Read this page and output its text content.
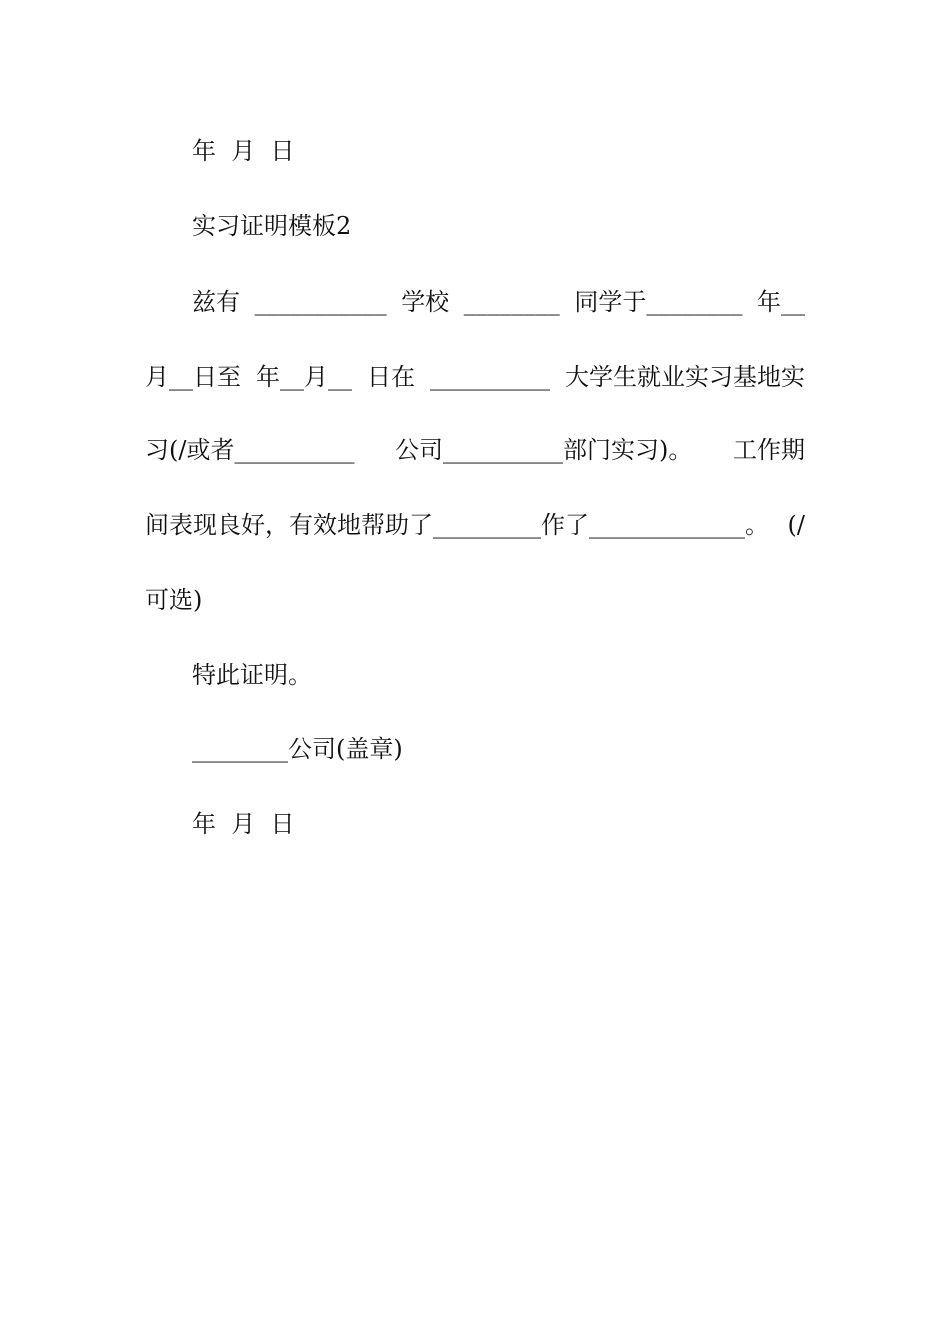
年  月  日
实习证明模板2
兹有 ___________ 学校 ________ 同学于________ 年__
月__日至 年__月__ 日在 __________ 大学生就业实习基地实
习(/或者__________ 公司__________部门实习)。 工作期
间表现良好，有效地帮助了_________作了_____________。 (/
可选)
特此证明。
________公司(盖章)
年  月  日
